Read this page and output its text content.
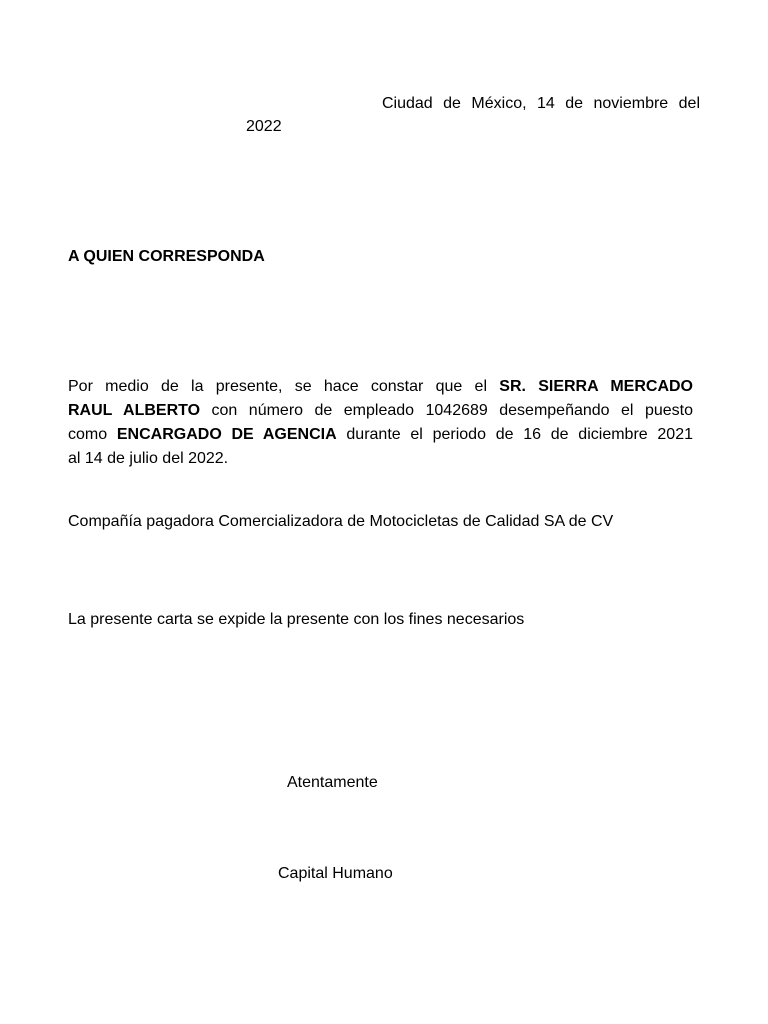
Ciudad de México, 14 de noviembre del
2022
A QUIEN CORRESPONDA
Por medio de la presente, se hace constar que el SR. SIERRA MERCADO
RAUL ALBERTO con número de empleado 1042689 desempeñando el puesto
como ENCARGADO DE AGENCIA durante el periodo de 16 de diciembre 2021
al 14 de julio del 2022.
Compañía pagadora Comercializadora de Motocicletas de Calidad SA de CV
La presente carta se expide la presente con los fines necesarios
Atentamente
Capital Humano
